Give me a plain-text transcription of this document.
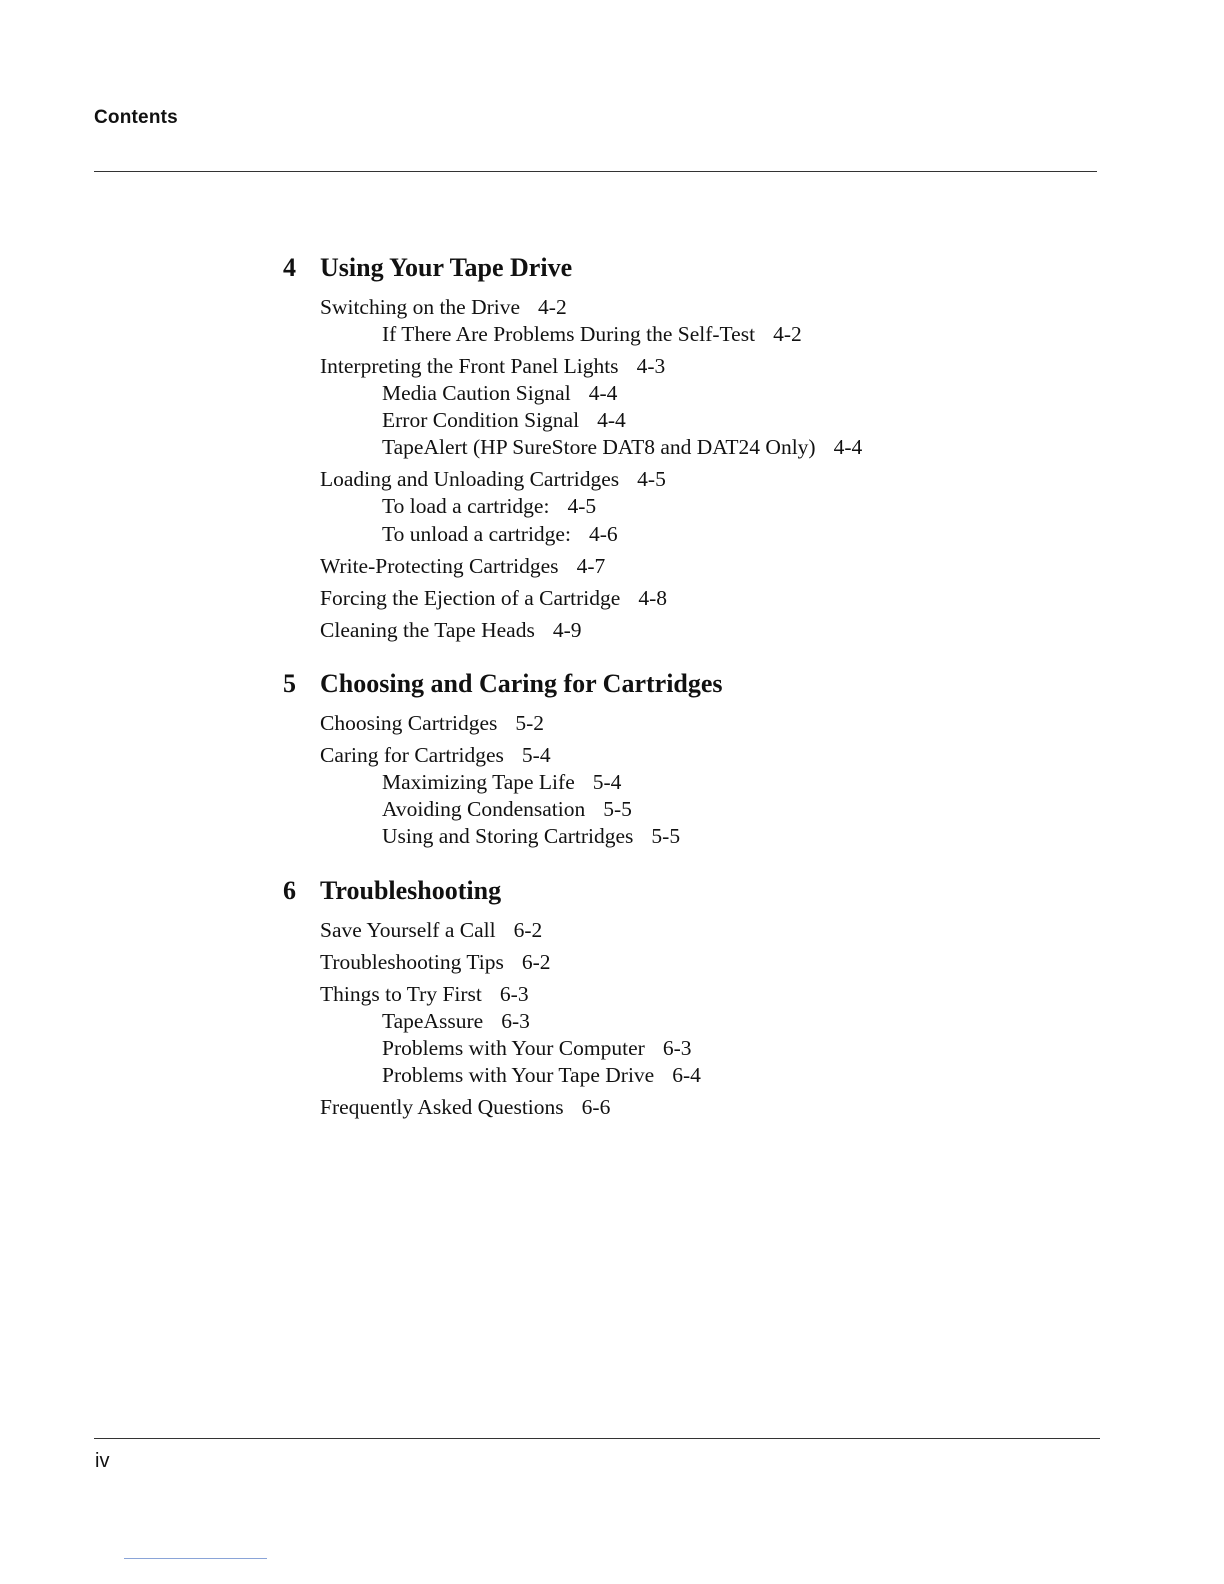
Contents
4 Using Your Tape Drive
Switching on the Drive 4-2
If There Are Problems During the Self-Test 4-2
Interpreting the Front Panel Lights 4-3
Media Caution Signal 4-4
Error Condition Signal 4-4
TapeAlert (HP SureStore DAT8 and DAT24 Only) 4-4
Loading and Unloading Cartridges 4-5
To load a cartridge: 4-5
To unload a cartridge: 4-6
Write-Protecting Cartridges 4-7
Forcing the Ejection of a Cartridge 4-8
Cleaning the Tape Heads 4-9
5 Choosing and Caring for Cartridges
Choosing Cartridges 5-2
Caring for Cartridges 5-4
Maximizing Tape Life 5-4
Avoiding Condensation 5-5
Using and Storing Cartridges 5-5
6 Troubleshooting
Save Yourself a Call 6-2
Troubleshooting Tips 6-2
Things to Try First 6-3
TapeAssure 6-3
Problems with Your Computer 6-3
Problems with Your Tape Drive 6-4
Frequently Asked Questions 6-6
iv
